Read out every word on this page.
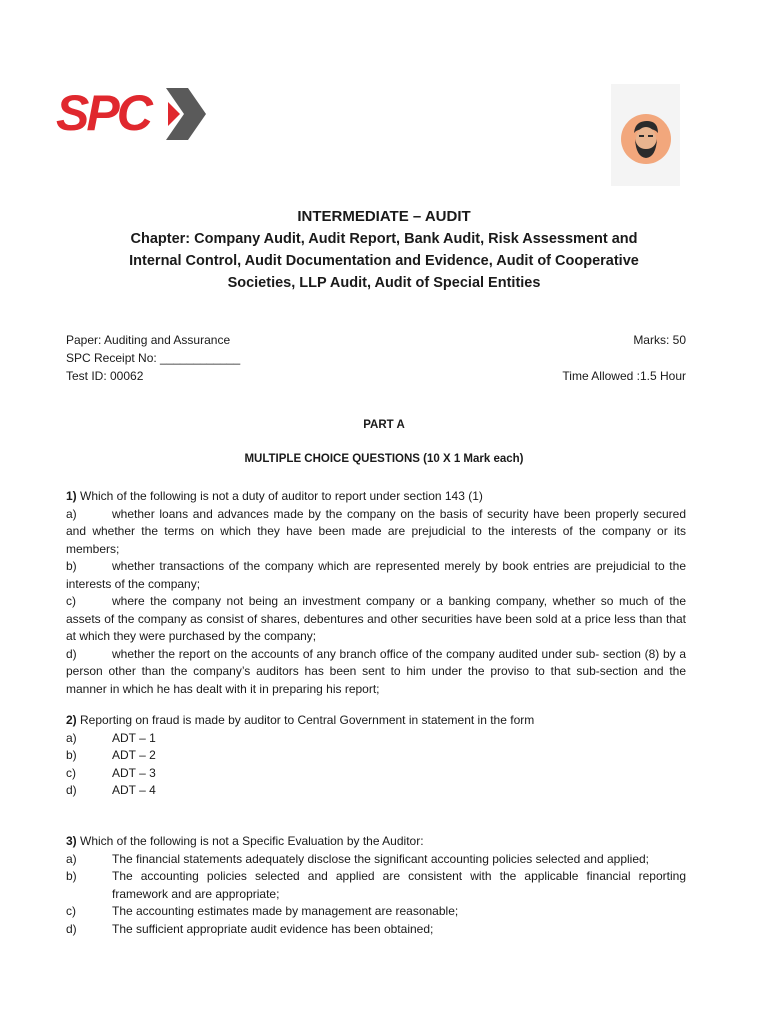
SPC
INTERMEDIATE – AUDIT
Chapter: Company Audit, Audit Report, Bank Audit, Risk Assessment and Internal Control, Audit Documentation and Evidence, Audit of Cooperative Societies, LLP Audit, Audit of Special Entities
Paper: Auditing and Assurance	Marks: 50
SPC Receipt No: ____________
Test ID: 00062	Time Allowed :1.5 Hour
PART A
MULTIPLE CHOICE QUESTIONS (10 X 1 Mark each)
1) Which of the following is not a duty of auditor to report under section 143 (1)
a)	whether loans and advances made by the company on the basis of security have been properly secured and whether the terms on which they have been made are prejudicial to the interests of the company or its members;
b)	whether transactions of the company which are represented merely by book entries are prejudicial to the interests of the company;
c)	where the company not being an investment company or a banking company, whether so much of the assets of the company as consist of shares, debentures and other securities have been sold at a price less than that at which they were purchased by the company;
d)	whether the report on the accounts of any branch office of the company audited under sub- section (8) by a person other than the company’s auditors has been sent to him under the proviso to that sub-section and the manner in which he has dealt with it in preparing his report;
2) Reporting on fraud is made by auditor to Central Government in statement in the form
a)	ADT – 1
b)	ADT – 2
c)	ADT – 3
d)	ADT – 4
3) Which of the following is not a Specific Evaluation by the Auditor:
a)	The financial statements adequately disclose the significant accounting policies selected and applied;
b)	The accounting policies selected and applied are consistent with the applicable financial reporting framework and are appropriate;
c)	The accounting estimates made by management are reasonable;
d)	The sufficient appropriate audit evidence has been obtained;
